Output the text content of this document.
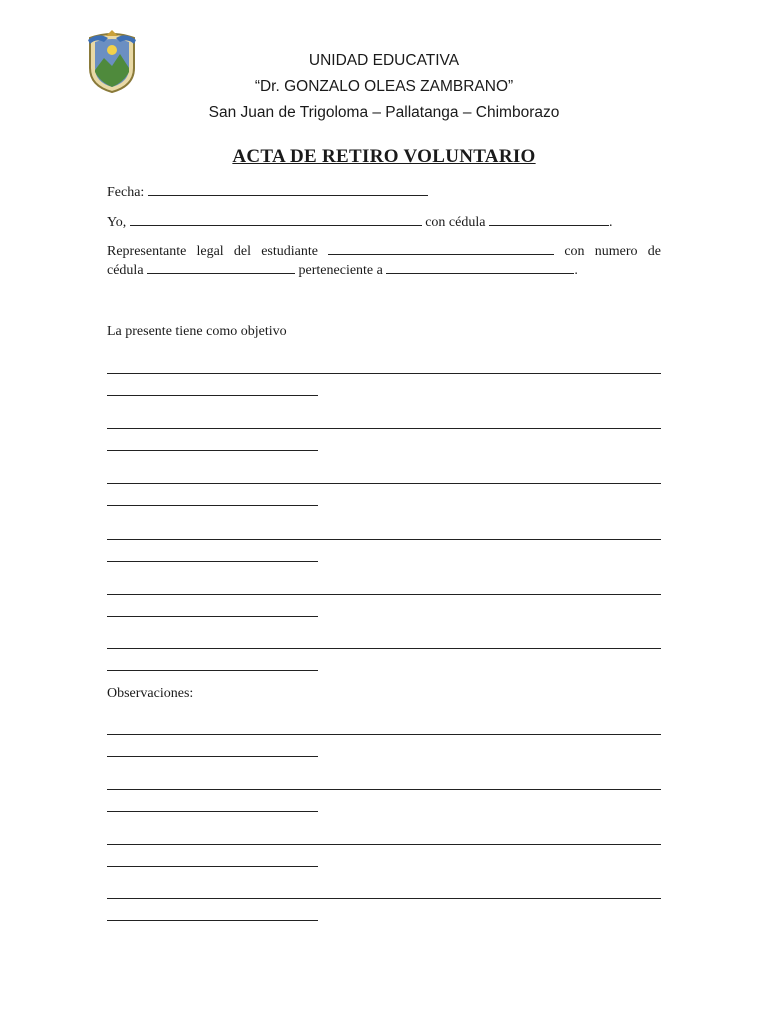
UNIDAD EDUCATIVA
“Dr. GONZALO OLEAS ZAMBRANO”
San Juan de Trigoloma – Pallatanga – Chimborazo
ACTA DE RETIRO VOLUNTARIO
Fecha:
Yo,	con cédula	.
Representante legal del estudiante	con numero de
cédula	perteneciente a	.
La presente tiene como objetivo
Observaciones:
